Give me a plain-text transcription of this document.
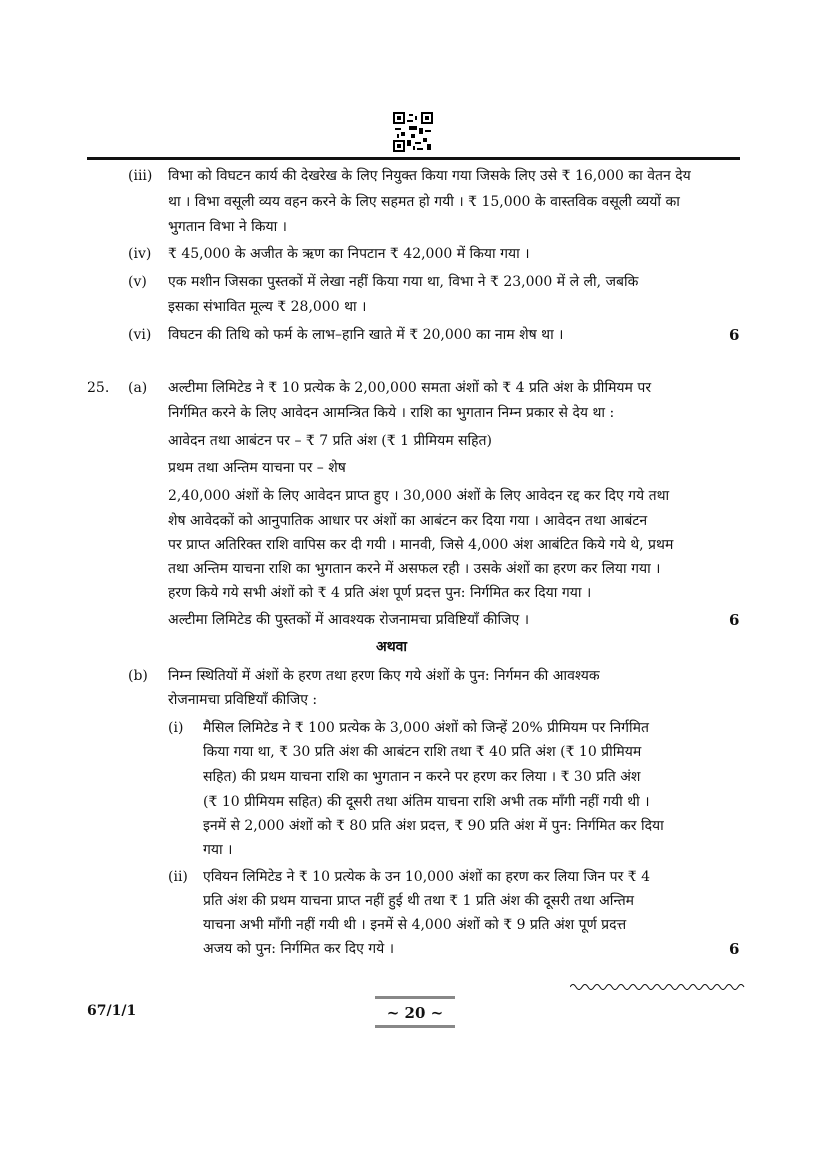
(iii) विभा को विघटन कार्य की देखरेख के लिए नियुक्त किया गया जिसके लिए उसे ₹ 16,000 का वेतन देय
था । विभा वसूली व्यय वहन करने के लिए सहमत हो गयी । ₹ 15,000 के वास्तविक वसूली व्ययों का
भुगतान विभा ने किया ।
(iv) ₹ 45,000 के अजीत के ऋण का निपटान ₹ 42,000 में किया गया ।
(v) एक मशीन जिसका पुस्तकों में लेखा नहीं किया गया था, विभा ने ₹ 23,000 में ले ली, जबकि
इसका संभावित मूल्य ₹ 28,000 था ।
(vi) विघटन की तिथि को फर्म के लाभ–हानि खाते में ₹ 20,000 का नाम शेष था ।	6
25. (a) अल्टीमा लिमिटेड ने ₹ 10 प्रत्येक के 2,00,000 समता अंशों को ₹ 4 प्रति अंश के प्रीमियम पर
निर्गमित करने के लिए आवेदन आमन्त्रित किये । राशि का भुगतान निम्न प्रकार से देय था :
आवेदन तथा आबंटन पर – ₹ 7 प्रति अंश (₹ 1 प्रीमियम सहित)
प्रथम तथा अन्तिम याचना पर – शेष
2,40,000 अंशों के लिए आवेदन प्राप्त हुए । 30,000 अंशों के लिए आवेदन रद्द कर दिए गये तथा
शेष आवेदकों को आनुपातिक आधार पर अंशों का आबंटन कर दिया गया । आवेदन तथा आबंटन
पर प्राप्त अतिरिक्त राशि वापिस कर दी गयी । मानवी, जिसे 4,000 अंश आबंटित किये गये थे, प्रथम
तथा अन्तिम याचना राशि का भुगतान करने में असफल रही । उसके अंशों का हरण कर लिया गया ।
हरण किये गये सभी अंशों को ₹ 4 प्रति अंश पूर्ण प्रदत्त पुन: निर्गमित कर दिया गया ।
अल्टीमा लिमिटेड की पुस्तकों में आवश्यक रोजनामचा प्रविष्टियाँ कीजिए ।	6
अथवा
(b) निम्न स्थितियों में अंशों के हरण तथा हरण किए गये अंशों के पुन: निर्गमन की आवश्यक
रोजनामचा प्रविष्टियाँ कीजिए :
(i) मैसिल लिमिटेड ने ₹ 100 प्रत्येक के 3,000 अंशों को जिन्हें 20% प्रीमियम पर निर्गमित
किया गया था, ₹ 30 प्रति अंश की आबंटन राशि तथा ₹ 40 प्रति अंश (₹ 10 प्रीमियम
सहित) की प्रथम याचना राशि का भुगतान न करने पर हरण कर लिया । ₹ 30 प्रति अंश
(₹ 10 प्रीमियम सहित) की दूसरी तथा अंतिम याचना राशि अभी तक माँगी नहीं गयी थी ।
इनमें से 2,000 अंशों को ₹ 80 प्रति अंश प्रदत्त, ₹ 90 प्रति अंश में पुन: निर्गमित कर दिया
गया ।
(ii) एवियन लिमिटेड ने ₹ 10 प्रत्येक के उन 10,000 अंशों का हरण कर लिया जिन पर ₹ 4
प्रति अंश की प्रथम याचना प्राप्त नहीं हुई थी तथा ₹ 1 प्रति अंश की दूसरी तथा अन्तिम
याचना अभी माँगी नहीं गयी थी । इनमें से 4,000 अंशों को ₹ 9 प्रति अंश पूर्ण प्रदत्त
अजय को पुन: निर्गमित कर दिए गये ।	6
67/1/1	~ 20 ~
